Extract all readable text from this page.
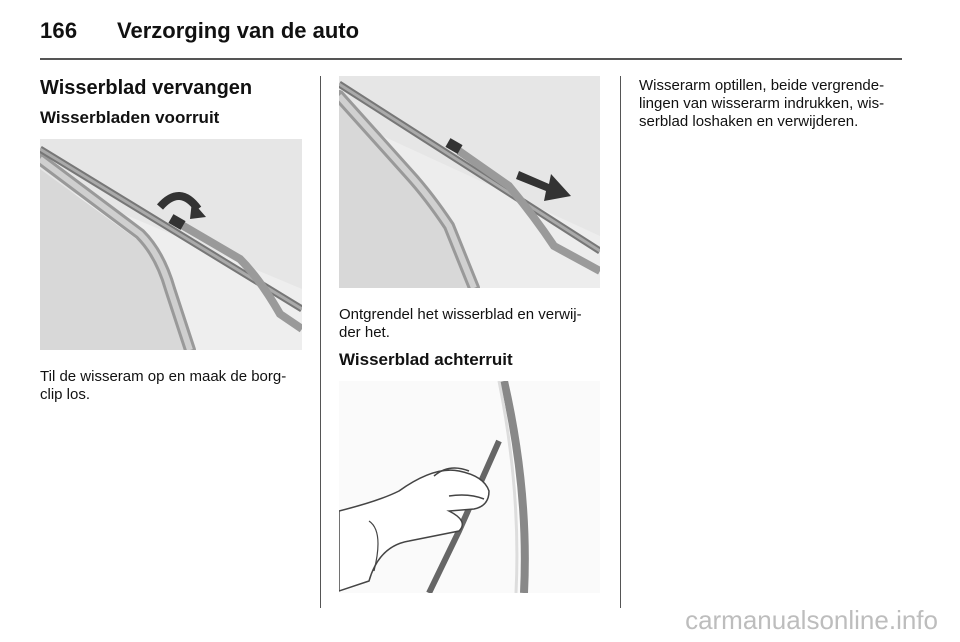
166 Verzorging van de auto
Wisserblad vervangen
Wisserbladen voorruit

Til de wisseram op en maak de borg-
clip los.

Ontgrendel het wisserblad en verwij-
der het.

Wisserblad achterruit

Wisserarm optillen, beide vergrende-
lingen van wisserarm indrukken, wis-
serblad loshaken en verwijderen.

carmanualsonline.info
